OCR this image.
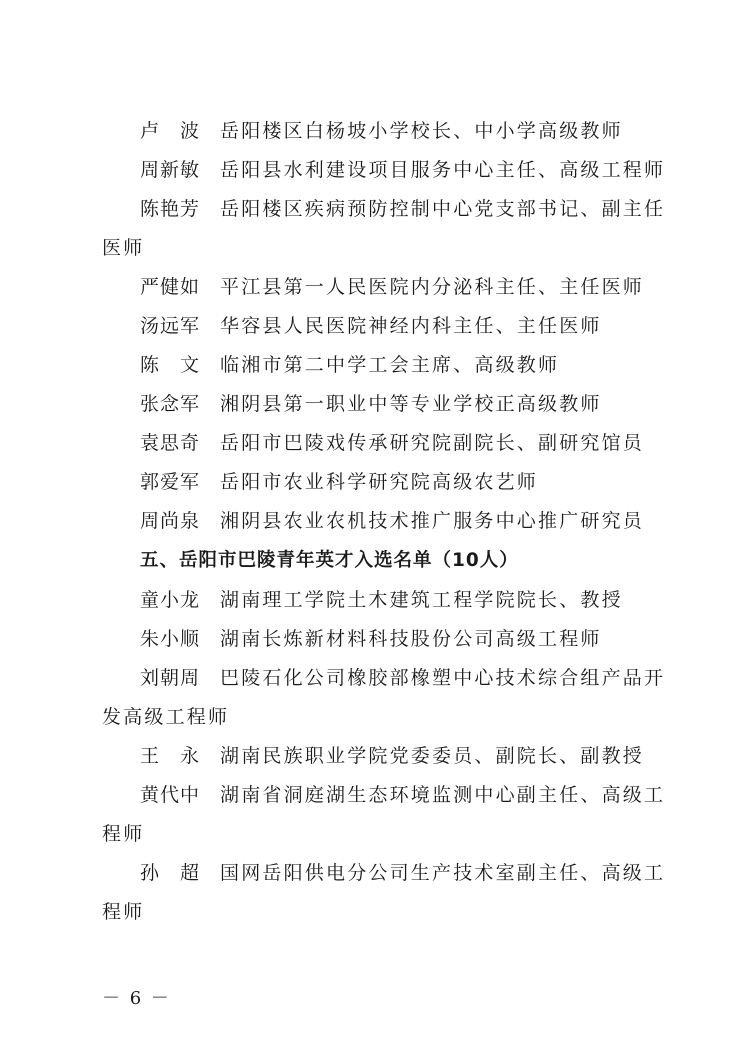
卢　波 岳阳楼区白杨坡小学校长、中小学高级教师
周新敏 岳阳县水利建设项目服务中心主任、高级工程师
陈艳芳 岳阳楼区疾病预防控制中心党支部书记、副主任
医师
严健如 平江县第一人民医院内分泌科主任、主任医师
汤远军 华容县人民医院神经内科主任、主任医师
陈　文 临湘市第二中学工会主席、高级教师
张念军 湘阴县第一职业中等专业学校正高级教师
袁思奇 岳阳市巴陵戏传承研究院副院长、副研究馆员
郭爱军 岳阳市农业科学研究院高级农艺师
周尚泉 湘阴县农业农机技术推广服务中心推广研究员
五、岳阳市巴陵青年英才入选名单（10人）
童小龙 湖南理工学院土木建筑工程学院院长、教授
朱小顺 湖南长炼新材料科技股份公司高级工程师
刘朝周 巴陵石化公司橡胶部橡塑中心技术综合组产品开
发高级工程师
王　永 湖南民族职业学院党委委员、副院长、副教授
黄代中 湖南省洞庭湖生态环境监测中心副主任、高级工
程师
孙　超 国网岳阳供电分公司生产技术室副主任、高级工
程师
－ 6 －
